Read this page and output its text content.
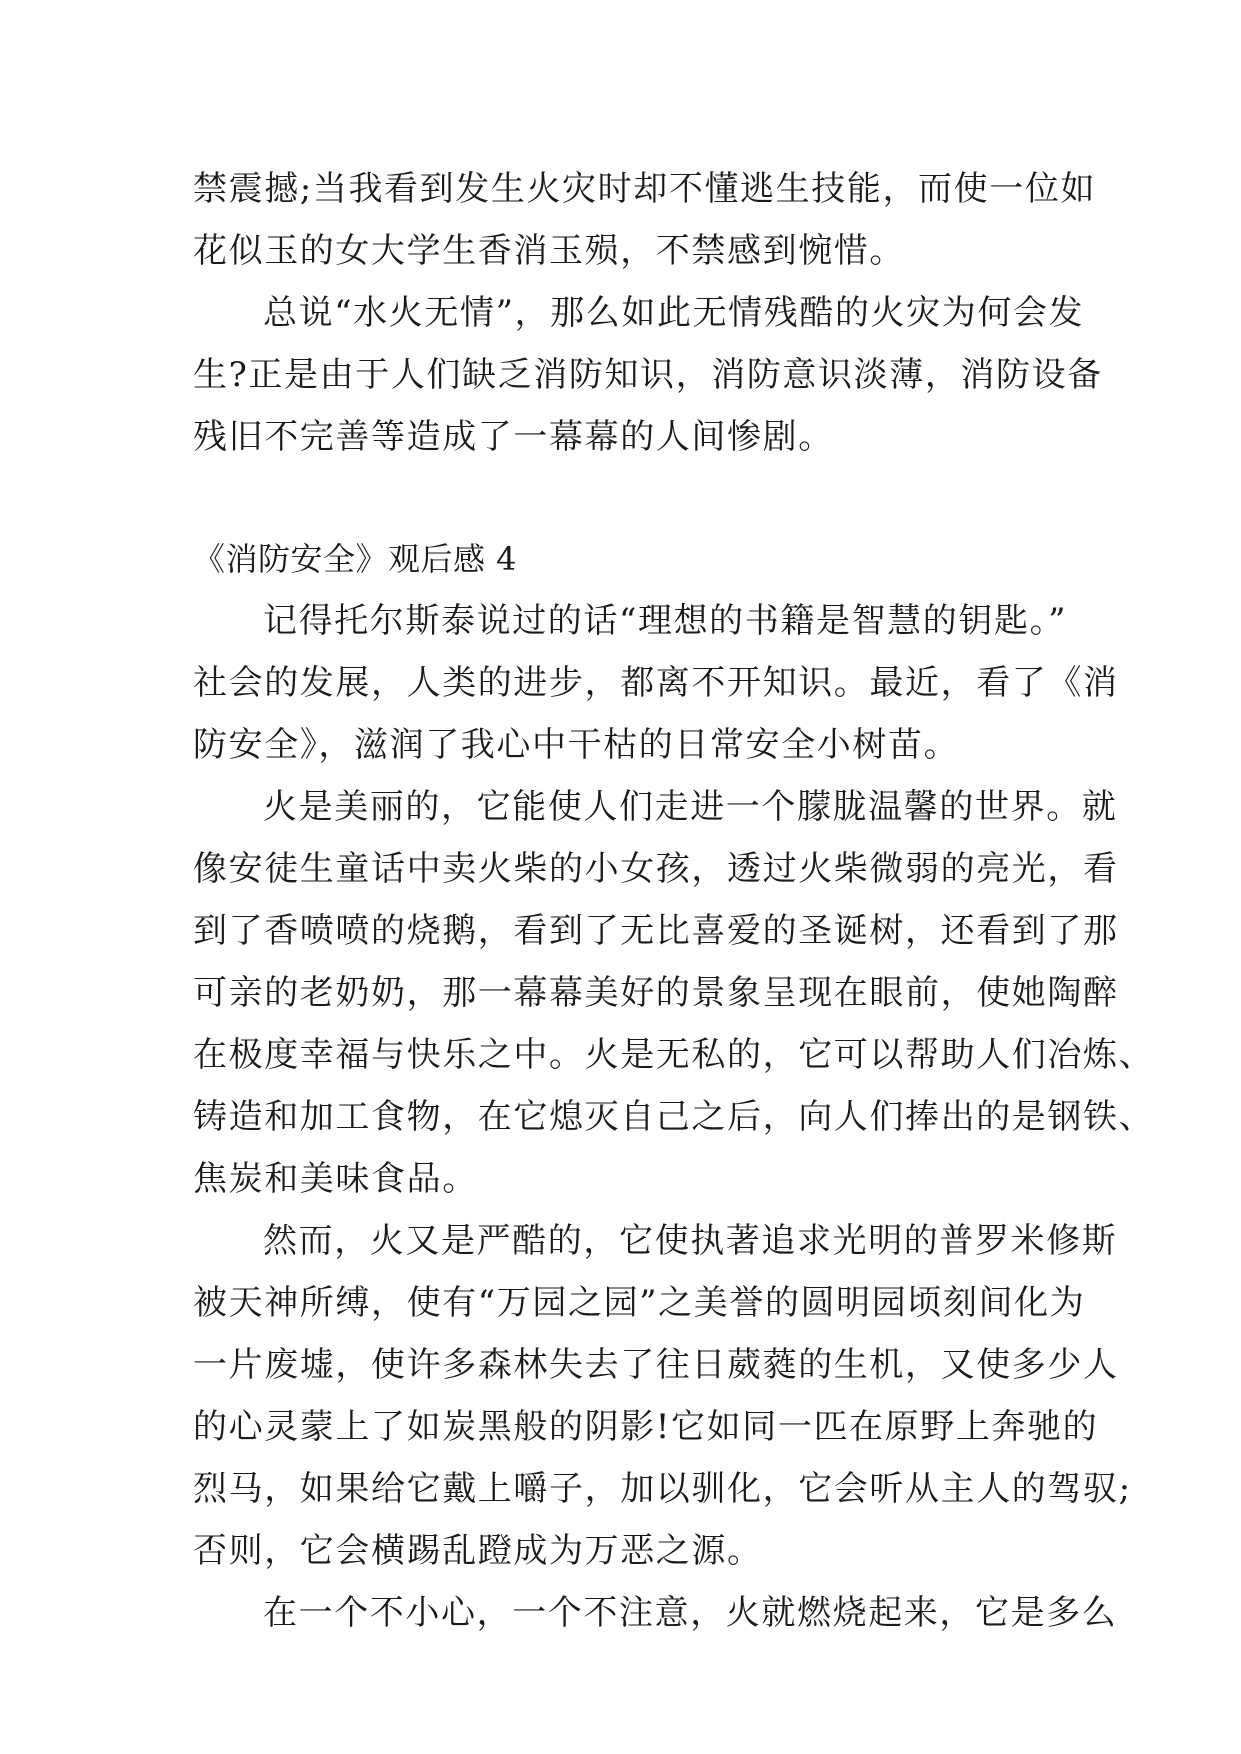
禁震撼;当我看到发生火灾时却不懂逃生技能，而使一位如

花似玉的女大学生香消玉殒，不禁感到惋惜。

总说“水火无情”，那么如此无情残酷的火灾为何会发

生?正是由于人们缺乏消防知识，消防意识淡薄，消防设备

残旧不完善等造成了一幕幕的人间惨剧。

《消防安全》观后感 4

记得托尔斯泰说过的话“理想的书籍是智慧的钥匙。”

社会的发展，人类的进步，都离不开知识。最近，看了《消

防安全》，滋润了我心中干枯的日常安全小树苗。

火是美丽的，它能使人们走进一个朦胧温馨的世界。就

像安徒生童话中卖火柴的小女孩，透过火柴微弱的亮光，看

到了香喷喷的烧鹅，看到了无比喜爱的圣诞树，还看到了那

可亲的老奶奶，那一幕幕美好的景象呈现在眼前，使她陶醉

在极度幸福与快乐之中。火是无私的，它可以帮助人们冶炼、

铸造和加工食物，在它熄灭自己之后，向人们捧出的是钢铁、

焦炭和美味食品。

然而，火又是严酷的，它使执著追求光明的普罗米修斯

被天神所缚，使有“万园之园”之美誉的圆明园顷刻间化为

一片废墟，使许多森林失去了往日葳蕤的生机，又使多少人

的心灵蒙上了如炭黑般的阴影!它如同一匹在原野上奔驰的

烈马，如果给它戴上嚼子，加以驯化，它会听从主人的驾驭;

否则，它会横踢乱蹬成为万恶之源。

在一个不小心，一个不注意，火就燃烧起来，它是多么
